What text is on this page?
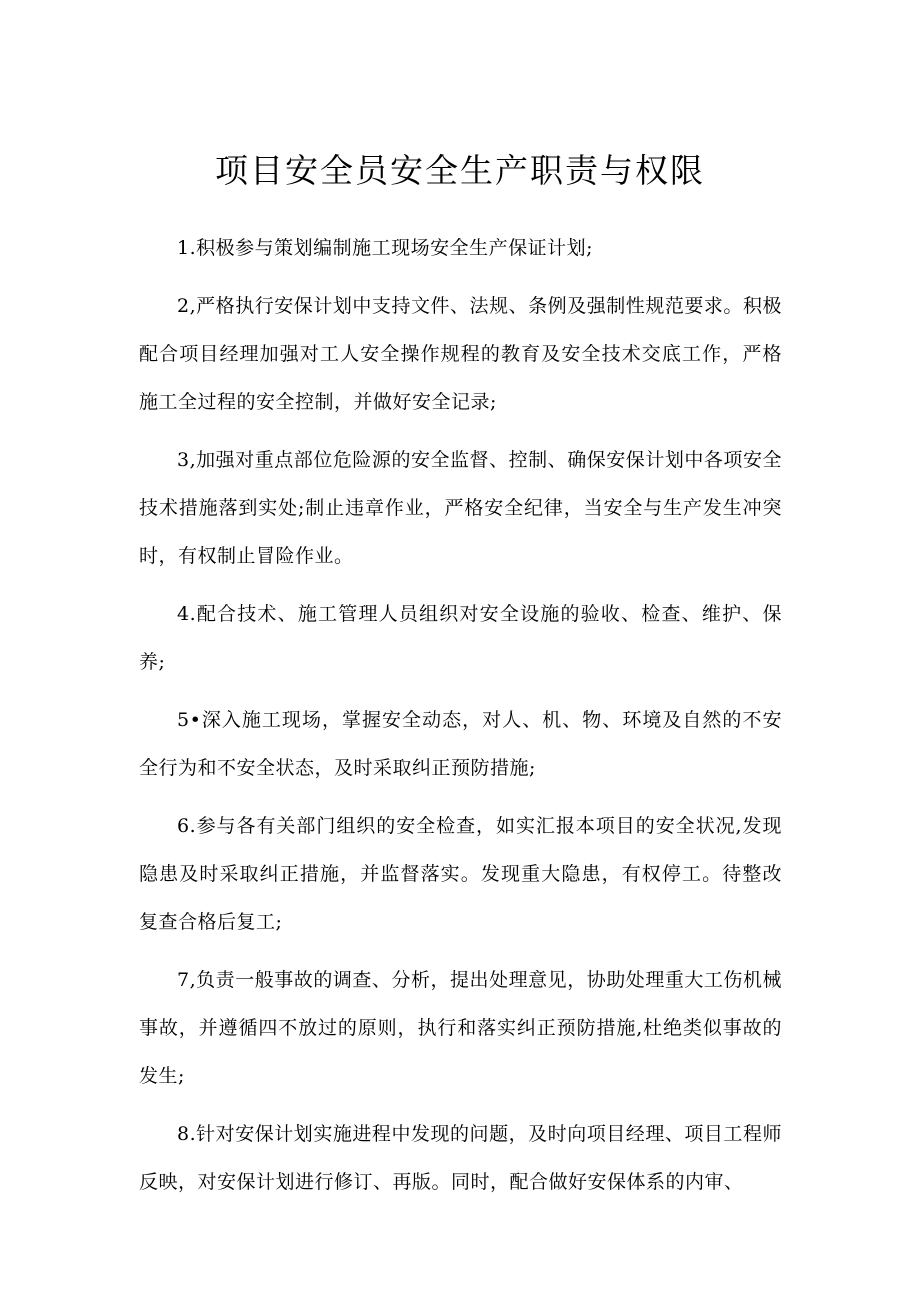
项目安全员安全生产职责与权限

1.积极参与策划编制施工现场安全生产保证计划;

2,严格执行安保计划中支持文件、法规、条例及强制性规范要求。积极配合项目经理加强对工人安全操作规程的教育及安全技术交底工作，严格施工全过程的安全控制，并做好安全记录;

3,加强对重点部位危险源的安全监督、控制、确保安保计划中各项安全技术措施落到实处;制止违章作业，严格安全纪律，当安全与生产发生冲突时，有权制止冒险作业。

4.配合技术、施工管理人员组织对安全设施的验收、检查、维护、保养;

5•深入施工现场，掌握安全动态，对人、机、物、环境及自然的不安全行为和不安全状态，及时采取纠正预防措施;

6.参与各有关部门组织的安全检查，如实汇报本项目的安全状况,发现隐患及时采取纠正措施，并监督落实。发现重大隐患，有权停工。待整改复查合格后复工;

7,负责一般事故的调查、分析，提出处理意见，协助处理重大工伤机械事故，并遵循四不放过的原则，执行和落实纠正预防措施,杜绝类似事故的发生;

8.针对安保计划实施进程中发现的问题，及时向项目经理、项目工程师反映，对安保计划进行修订、再版。同时，配合做好安保体系的内审、
